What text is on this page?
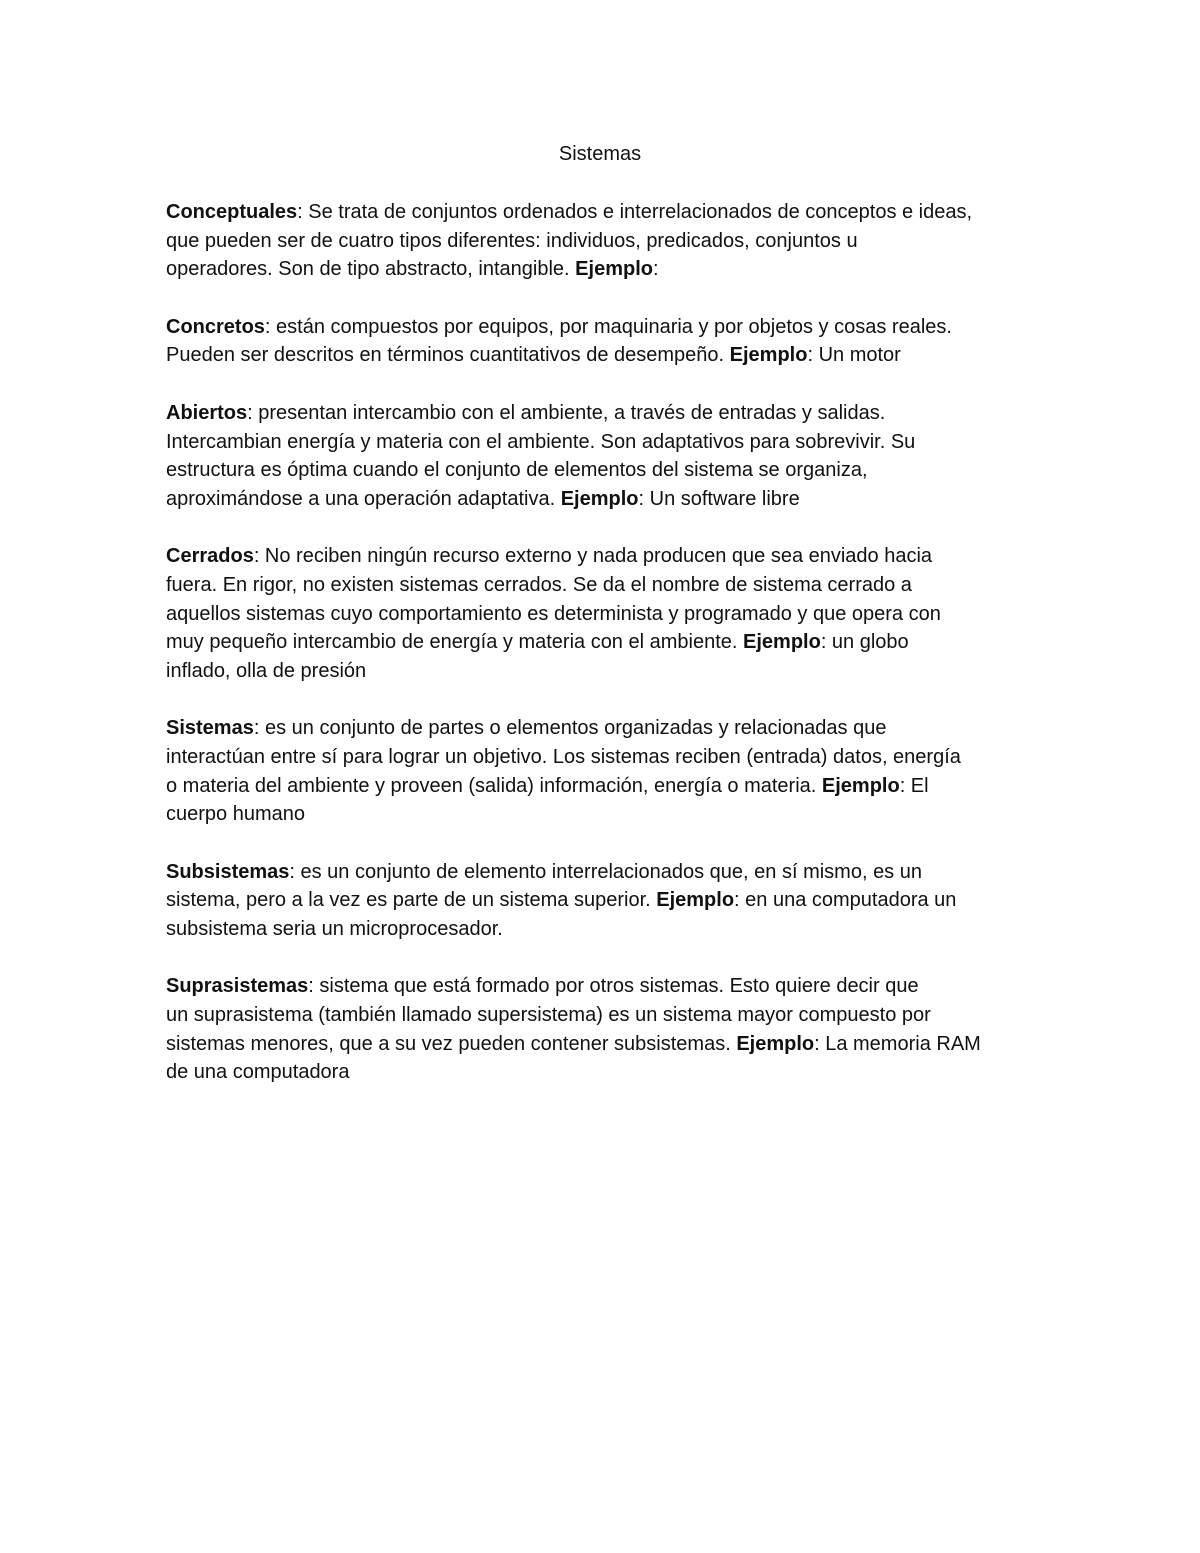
Sistemas

Conceptuales: Se trata de conjuntos ordenados e interrelacionados de conceptos e ideas,
que pueden ser de cuatro tipos diferentes: individuos, predicados, conjuntos u
operadores. Son de tipo abstracto, intangible. Ejemplo:

Concretos: están compuestos por equipos, por maquinaria y por objetos y cosas reales.
Pueden ser descritos en términos cuantitativos de desempeño. Ejemplo: Un motor

Abiertos: presentan intercambio con el ambiente, a través de entradas y salidas.
Intercambian energía y materia con el ambiente. Son adaptativos para sobrevivir. Su
estructura es óptima cuando el conjunto de elementos del sistema se organiza,
aproximándose a una operación adaptativa. Ejemplo: Un software libre

Cerrados: No reciben ningún recurso externo y nada producen que sea enviado hacia
fuera. En rigor, no existen sistemas cerrados. Se da el nombre de sistema cerrado a
aquellos sistemas cuyo comportamiento es determinista y programado y que opera con
muy pequeño intercambio de energía y materia con el ambiente. Ejemplo: un globo
inflado, olla de presión

Sistemas: es un conjunto de partes o elementos organizadas y relacionadas que
interactúan entre sí para lograr un objetivo. Los sistemas reciben (entrada) datos, energía
o materia del ambiente y proveen (salida) información, energía o materia. Ejemplo: El
cuerpo humano

Subsistemas: es un conjunto de elemento interrelacionados que, en sí mismo, es un
sistema, pero a la vez es parte de un sistema superior. Ejemplo: en una computadora un
subsistema seria un microprocesador.

Suprasistemas: sistema que está formado por otros sistemas. Esto quiere decir que
un suprasistema (también llamado supersistema) es un sistema mayor compuesto por
sistemas menores, que a su vez pueden contener subsistemas. Ejemplo: La memoria RAM
de una computadora
